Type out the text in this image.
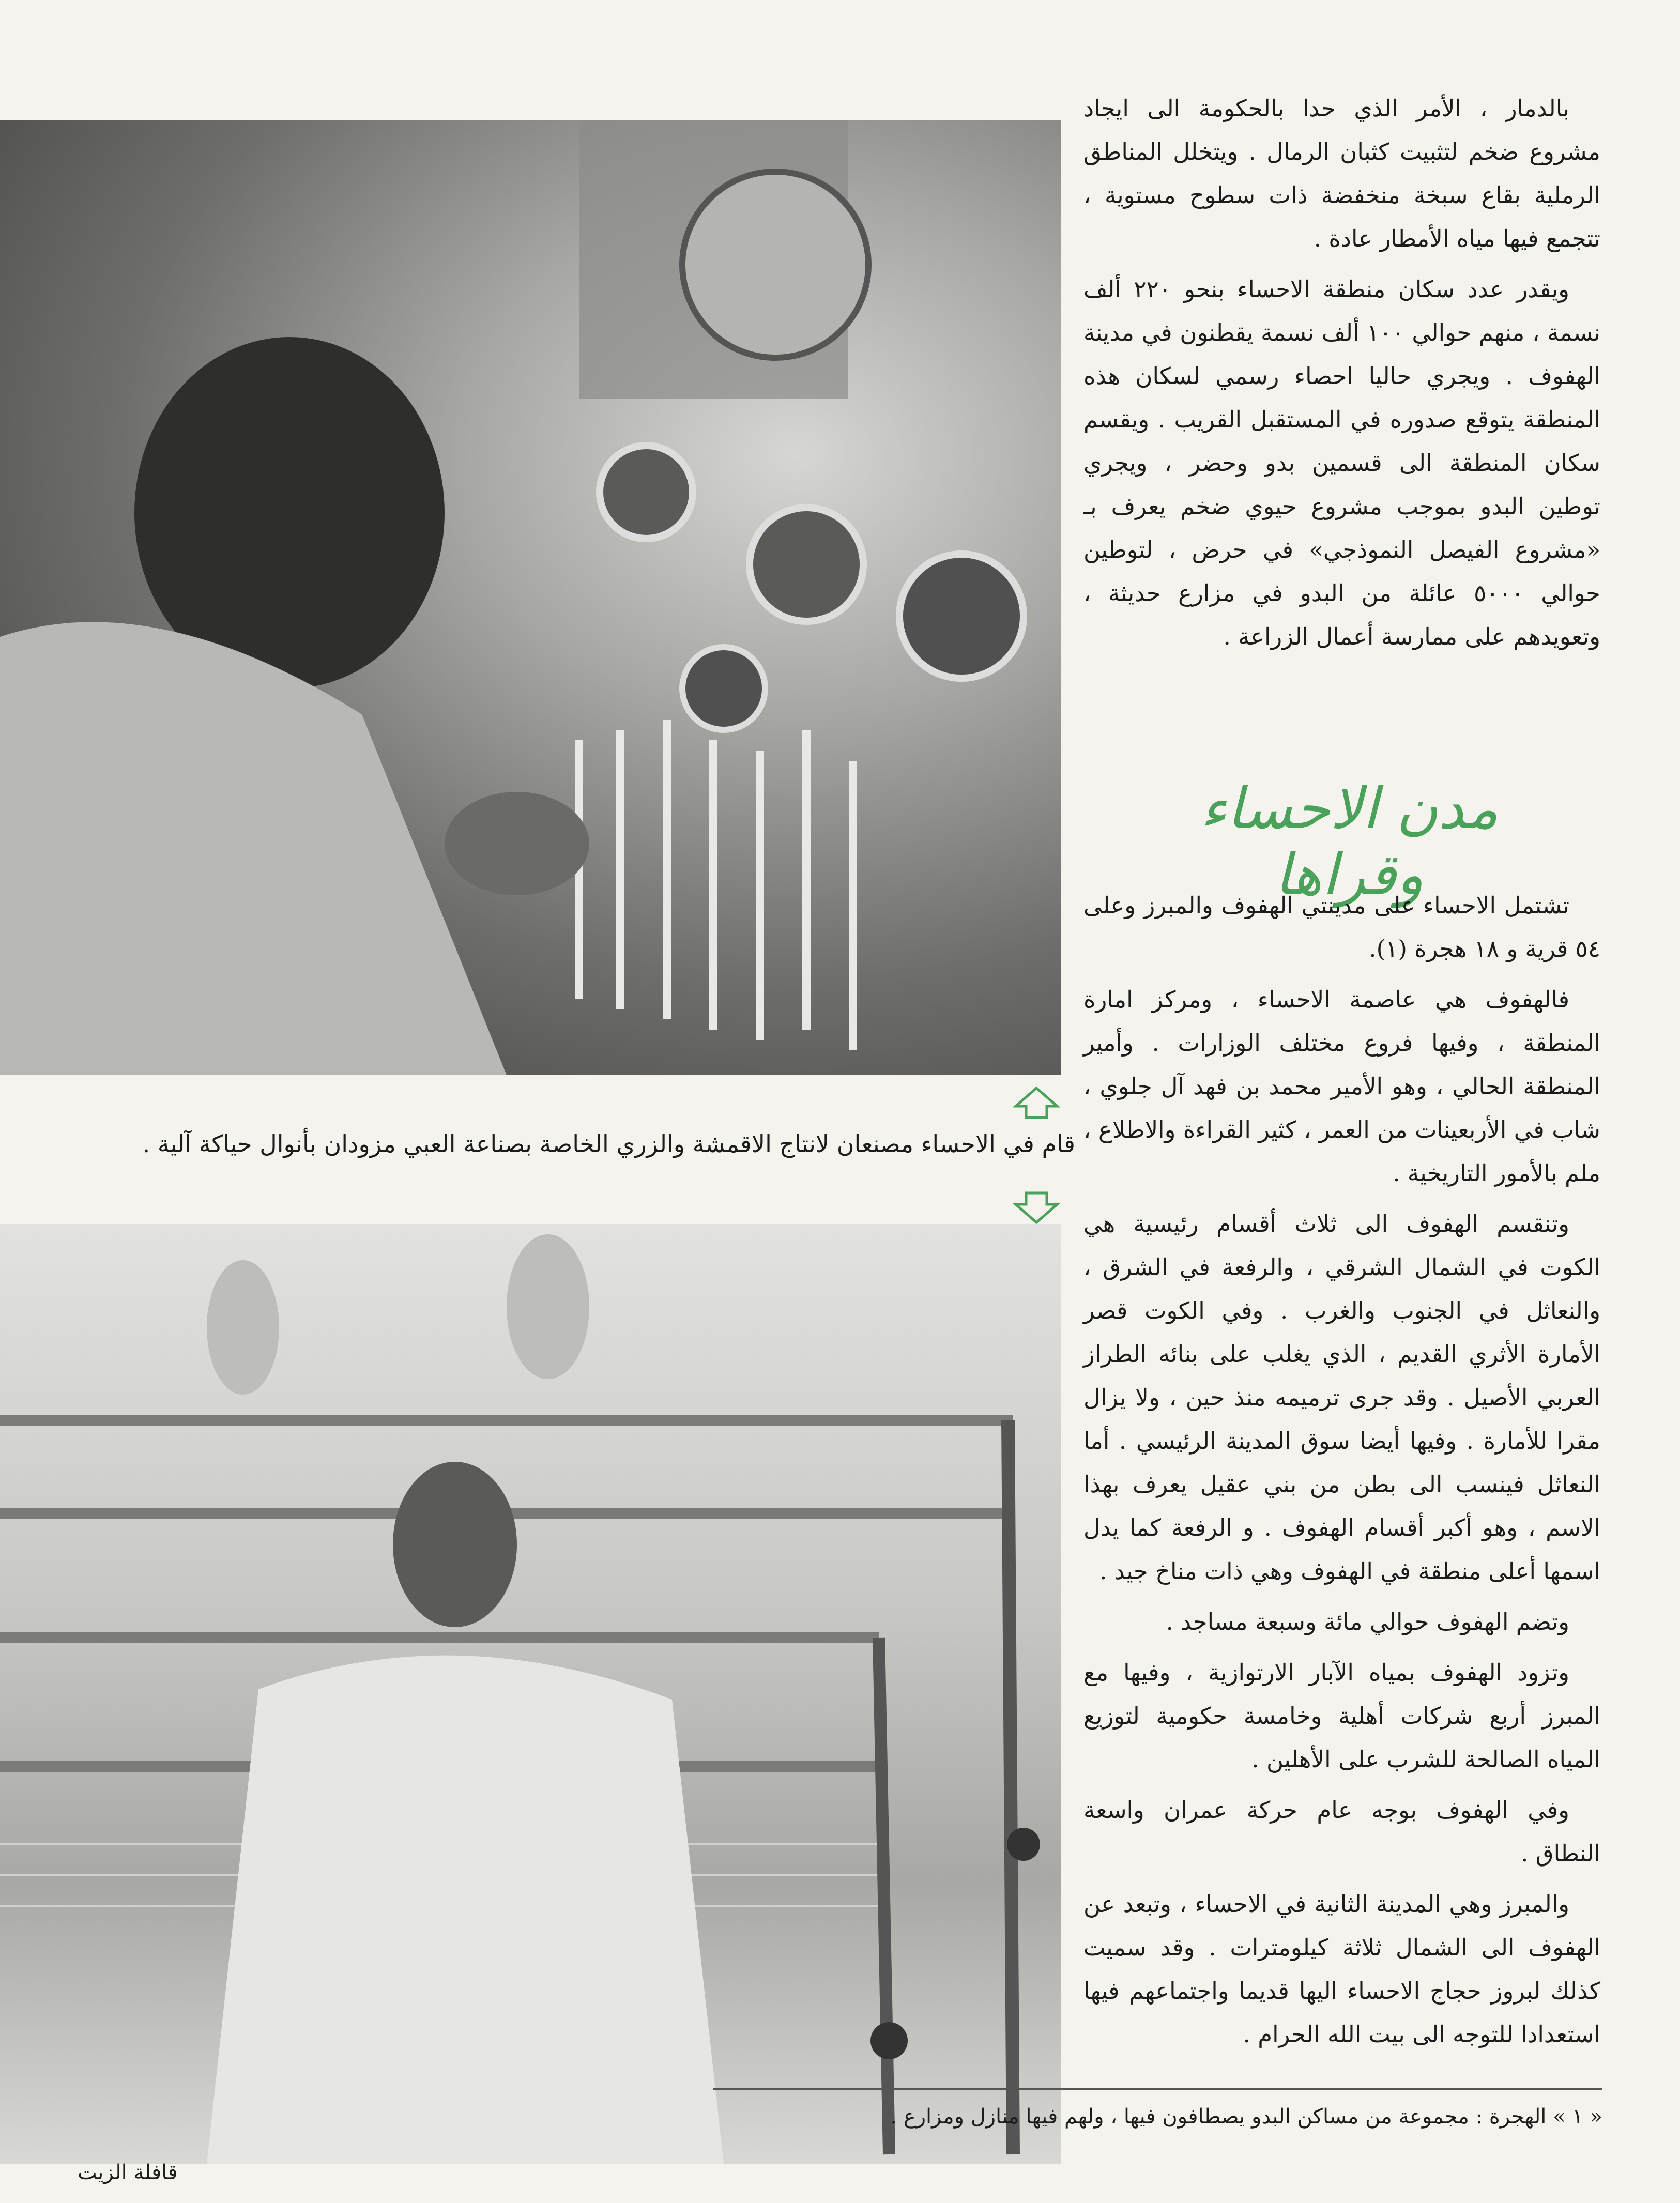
قام في الاحساء مصنعان لانتاج الاقمشة والزري الخاصة بصناعة العبي مزودان بأنوال حياكة آلية .

بالدمار ، الأمر الذي حدا بالحكومة الى ايجاد مشروع ضخم لتثبيت كثبان الرمال . ويتخلل المناطق الرملية بقاع سبخة منخفضة ذات سطوح مستوية ، تتجمع فيها مياه الأمطار عادة .

ويقدر عدد سكان منطقة الاحساء بنحو ٢٢٠ ألف نسمة ، منهم حوالي ١٠٠ ألف نسمة يقطنون في مدينة الهفوف . ويجري حاليا احصاء رسمي لسكان هذه المنطقة يتوقع صدوره في المستقبل القريب . ويقسم سكان المنطقة الى قسمين بدو وحضر ، ويجري توطين البدو بموجب مشروع حيوي ضخم يعرف بـ «مشروع الفيصل النموذجي» في حرض ، لتوطين حوالي ٥٠٠٠ عائلة من البدو في مزارع حديثة ، وتعويدهم على ممارسة أعمال الزراعة .

مدن الاحساء وقراها

تشتمل الاحساء على مدينتي الهفوف والمبرز وعلى ٥٤ قرية و ١٨ هجرة (١).

فالهفوف هي عاصمة الاحساء ، ومركز امارة المنطقة ، وفيها فروع مختلف الوزارات . وأمير المنطقة الحالي ، وهو الأمير محمد بن فهد آل جلوي ، شاب في الأربعينات من العمر ، كثير القراءة والاطلاع ، ملم بالأمور التاريخية .

وتنقسم الهفوف الى ثلاث أقسام رئيسية هي الكوت في الشمال الشرقي ، والرفعة في الشرق ، والنعاثل في الجنوب والغرب . وفي الكوت قصر الأمارة الأثري القديم ، الذي يغلب على بنائه الطراز العربي الأصيل . وقد جرى ترميمه منذ حين ، ولا يزال مقرا للأمارة . وفيها أيضا سوق المدينة الرئيسي . أما النعاثل فينسب الى بطن من بني عقيل يعرف بهذا الاسم ، وهو أكبر أقسام الهفوف . و الرفعة كما يدل اسمها أعلى منطقة في الهفوف وهي ذات مناخ جيد .

وتضم الهفوف حوالي مائة وسبعة مساجد .

وتزود الهفوف بمياه الآبار الارتوازية ، وفيها مع المبرز أربع شركات أهلية وخامسة حكومية لتوزيع المياه الصالحة للشرب على الأهلين .

وفي الهفوف بوجه عام حركة عمران واسعة النطاق .

والمبرز وهي المدينة الثانية في الاحساء ، وتبعد عن الهفوف الى الشمال ثلاثة كيلومترات . وقد سميت كذلك لبروز حجاج الاحساء اليها قديما واجتماعهم فيها استعدادا للتوجه الى بيت الله الحرام .

« ١ » الهجرة : مجموعة من مساكن البدو يصطافون فيها ، ولهم فيها منازل ومزارع .
قافلة الزيت
